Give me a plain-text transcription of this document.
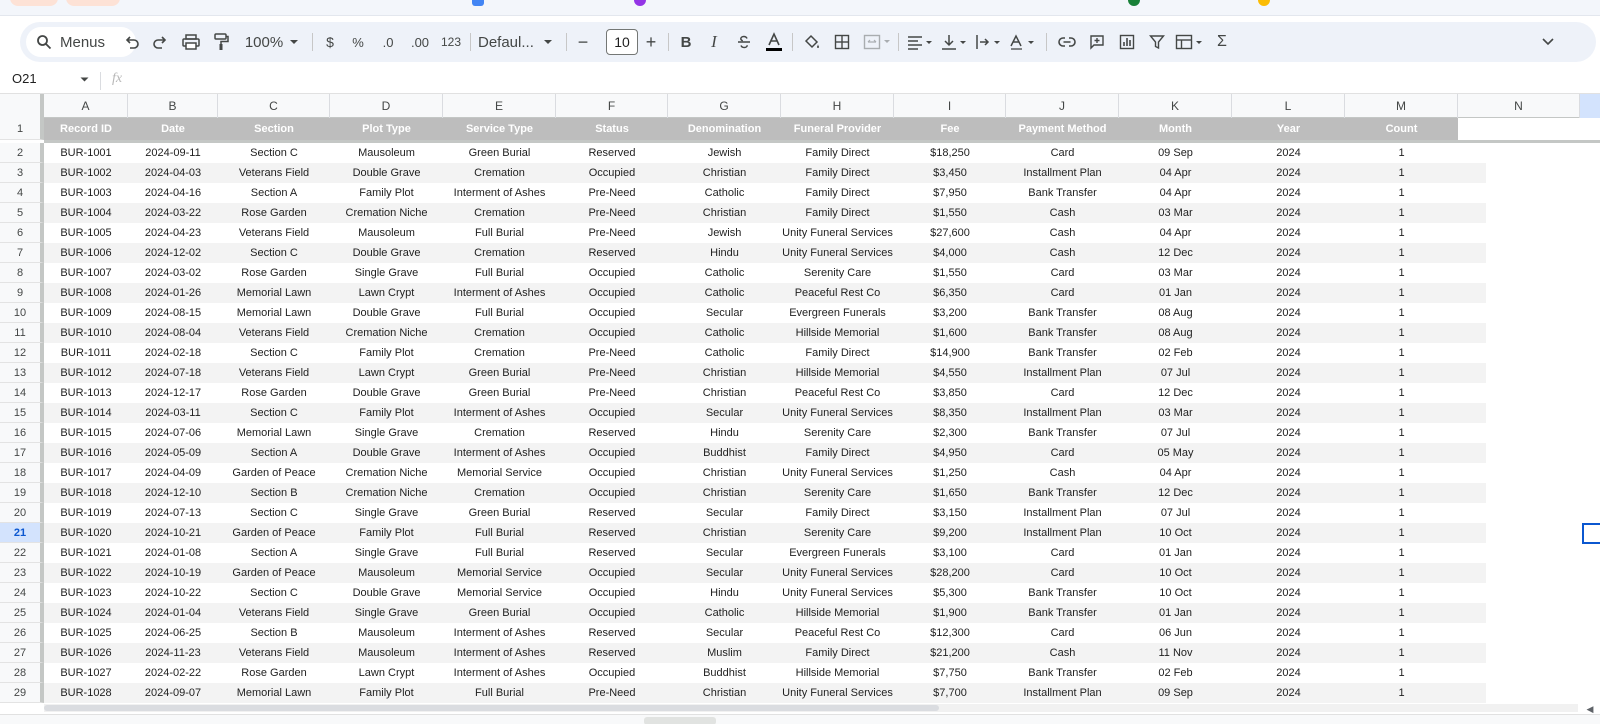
Menus	100%	$	%	.0 .00 123 Defaul...	−	10 +	B	I	Σ
O21	fx
A	B	C	D	E	F	G	H	I	J	K	L	M	N
1	Record ID	Date	Section	Plot Type	Service Type	Status	Denomination	Funeral Provider	Fee	Payment Method	Month	Year	Count
2	BUR-1001	2024-09-11	Section C	Mausoleum	Green Burial	Reserved	Jewish	Family Direct	$18,250	Card	09 Sep	2024	1
3	BUR-1002	2024-04-03	Veterans Field	Double Grave	Cremation	Occupied	Christian	Family Direct	$3,450	Installment Plan	04 Apr	2024	1
4	BUR-1003	2024-04-16	Section A	Family Plot	Interment of Ashes	Pre-Need	Catholic	Family Direct	$7,950	Bank Transfer	04 Apr	2024	1
5	BUR-1004	2024-03-22	Rose Garden	Cremation Niche	Cremation	Pre-Need	Christian	Family Direct	$1,550	Cash	03 Mar	2024	1
6	BUR-1005	2024-04-23	Veterans Field	Mausoleum	Full Burial	Pre-Need	Jewish	Unity Funeral Services	$27,600	Cash	04 Apr	2024	1
7	BUR-1006	2024-12-02	Section C	Double Grave	Cremation	Reserved	Hindu	Unity Funeral Services	$4,000	Cash	12 Dec	2024	1
8	BUR-1007	2024-03-02	Rose Garden	Single Grave	Full Burial	Occupied	Catholic	Serenity Care	$1,550	Card	03 Mar	2024	1
9	BUR-1008	2024-01-26	Memorial Lawn	Lawn Crypt	Interment of Ashes	Occupied	Catholic	Peaceful Rest Co	$6,350	Card	01 Jan	2024	1
10	BUR-1009	2024-08-15	Memorial Lawn	Double Grave	Full Burial	Occupied	Secular	Evergreen Funerals	$3,200	Bank Transfer	08 Aug	2024	1
11	BUR-1010	2024-08-04	Veterans Field	Cremation Niche	Cremation	Occupied	Catholic	Hillside Memorial	$1,600	Bank Transfer	08 Aug	2024	1
12	BUR-1011	2024-02-18	Section C	Family Plot	Cremation	Pre-Need	Catholic	Family Direct	$14,900	Bank Transfer	02 Feb	2024	1
13	BUR-1012	2024-07-18	Veterans Field	Lawn Crypt	Green Burial	Pre-Need	Christian	Hillside Memorial	$4,550	Installment Plan	07 Jul	2024	1
14	BUR-1013	2024-12-17	Rose Garden	Double Grave	Green Burial	Pre-Need	Christian	Peaceful Rest Co	$3,850	Card	12 Dec	2024	1
15	BUR-1014	2024-03-11	Section C	Family Plot	Interment of Ashes	Occupied	Secular	Unity Funeral Services	$8,350	Installment Plan	03 Mar	2024	1
16	BUR-1015	2024-07-06	Memorial Lawn	Single Grave	Cremation	Reserved	Hindu	Serenity Care	$2,300	Bank Transfer	07 Jul	2024	1
17	BUR-1016	2024-05-09	Section A	Double Grave	Interment of Ashes	Occupied	Buddhist	Family Direct	$4,950	Card	05 May	2024	1
18	BUR-1017	2024-04-09	Garden of Peace	Cremation Niche	Memorial Service	Occupied	Christian	Unity Funeral Services	$1,250	Cash	04 Apr	2024	1
19	BUR-1018	2024-12-10	Section B	Cremation Niche	Cremation	Occupied	Christian	Serenity Care	$1,650	Bank Transfer	12 Dec	2024	1
20	BUR-1019	2024-07-13	Section C	Single Grave	Green Burial	Reserved	Secular	Family Direct	$3,150	Installment Plan	07 Jul	2024	1
21	BUR-1020	2024-10-21	Garden of Peace	Family Plot	Full Burial	Reserved	Christian	Serenity Care	$9,200	Installment Plan	10 Oct	2024	1
22	BUR-1021	2024-01-08	Section A	Single Grave	Full Burial	Reserved	Secular	Evergreen Funerals	$3,100	Card	01 Jan	2024	1
23	BUR-1022	2024-10-19	Garden of Peace	Mausoleum	Memorial Service	Occupied	Secular	Unity Funeral Services	$28,200	Card	10 Oct	2024	1
24	BUR-1023	2024-10-22	Section C	Double Grave	Memorial Service	Occupied	Hindu	Unity Funeral Services	$5,300	Bank Transfer	10 Oct	2024	1
25	BUR-1024	2024-01-04	Veterans Field	Single Grave	Green Burial	Occupied	Catholic	Hillside Memorial	$1,900	Bank Transfer	01 Jan	2024	1
26	BUR-1025	2024-06-25	Section B	Mausoleum	Interment of Ashes	Reserved	Secular	Peaceful Rest Co	$12,300	Card	06 Jun	2024	1
27	BUR-1026	2024-11-23	Veterans Field	Mausoleum	Interment of Ashes	Reserved	Muslim	Family Direct	$21,200	Cash	11 Nov	2024	1
28	BUR-1027	2024-02-22	Rose Garden	Lawn Crypt	Interment of Ashes	Occupied	Buddhist	Hillside Memorial	$7,750	Bank Transfer	02 Feb	2024	1
29	BUR-1028	2024-09-07	Memorial Lawn	Family Plot	Full Burial	Pre-Need	Christian	Unity Funeral Services	$7,700	Installment Plan	09 Sep	2024	1
◀
